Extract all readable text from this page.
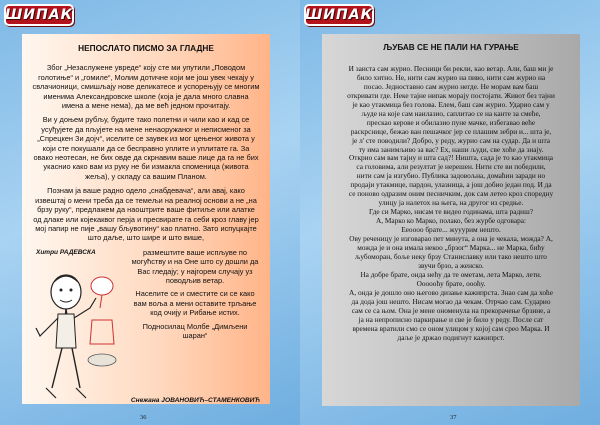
ШИПАК
НЕПОСЛАТО ПИСМО ЗА ГЛАДНЕ

Због „Незаслужене увреде“ коју сте ми упутили „Поводом голотиње“ и „гомиле“, Молим дотичне који ме још увек чекају у свлачионици, смишљају нове деликатесе и успорењују се многим именима Александровске школе (која је дала много славна имена а мене нема), да ме већ једном прочитају.

Ви у доњем рубљу, будите тако полетни и чили као и кад се усуђујете да пљујете на мене ненаоружаног и неписменог за „Спрецкен Зи доjч“, иселите се заувек из мог цењеног живота у који сте покушали да се бесправно уплите и уплитате га. За овако неотесан, не бих овде да скрнавим ваше лице да га не бих укаснио како вам из руку не би измакла споменица (живота жеља), у складу са вашим Планом.

Познам ја ваше радно одело „снабдевача“, али авај, како извештај о мени треба да се темељи на реалној основи а не „на брзу руку“, предлажем да наоштрите ваше фитиље или алатке од длаке или којекаквог перја и пресвирате га себи кроз главу јер мој папир не пије „вашу бљувотину“ као платно. Зато испуцкајте што даље, што шире и што више,

Хитри РАДЕВСКА	размештите ваше испљуве по могућству и на Оне што су дошли да Вас гледају; у најгорем случају уз поводљив ветар.

Населите се и сместите си се како вам воља а мени оставите трљање код очију и Рибање истих.

Подносилац Молбе „Димљени шаран“

Снежана ЈОВАНОВИЋ–СТАМЕНКОВИЋ
36
ШИПАК
ЉУБАВ СЕ НЕ ПАЛИ НА ГУРАЊЕ
И заиста сам журио. Песници би рекли, као ветар. Али, баш ми је
било хитно. Не, нити сам журио на пиво, нити сам журио на
посао. Једноставно сам журио негде. Не морам вам баш
откривати где. Неке тајне нипак морају постојати. Живот без тајни
је као утакмица без голова. Елем, баш сам журио. Ударио сам у
људе на које сам наилазио, саплитао се на канте за смеће,
прескао керове и обилазио пуне мачке, избегавао веће
раскрснице, бежао ван пешачког јер се плашим зебри и... шта је,
је л' сте поводили? Добро, у реду, журио сам на судар. Да и шта
ту има занимљиво за вас? Ех, наши људи, све хоће да знају.
Открио сам вам тајну и шта сад?! Ништа, сада је то као утакмица
са головима, али резултат је нерешен. Нити сте ви победили,
нити сам ја изгубио. Публика задовољна, домаћин заради но
продаји утакмице, пардон, улазница, а још добио један под. И да
се поново одразим оним песничким, док сам летео кроз споредну
улицу ја налетох на њега, на другог из средње.
Где си Марко, нисам те видео годинама, шта радиш?
А, Марко ко Марко, полако, без журбе одговара:
Ееоооо брате... жууурим нешто.
Ову реченицу је изговарао пет минута, а она је чекала, можда? А,
можда је и она имала некоо „брзог“ Марка... не Марка, бићу
љубоморан, боље неку брзу Станиславку или тако нешто што
звучи брзо, а женско.
На добре брате, онда нећу да те ометам, лета Марко, лети.
Оооооћу брате, оооћу.
А, онда је дошло оно његово дизање кажипрста. Знао сам да хоће
да дода још нешто. Нисам могао да чекам. Отрчао сам. Сударио
сам се са њом. Она је мене ономенула на прекорачење брзине, а
ја на непрописно паркирање и све је било у реду. После сат
времена вратили смо се оном улицом у којој сам срео Марка. И
даље је држао подигнут кажипрст.
37
